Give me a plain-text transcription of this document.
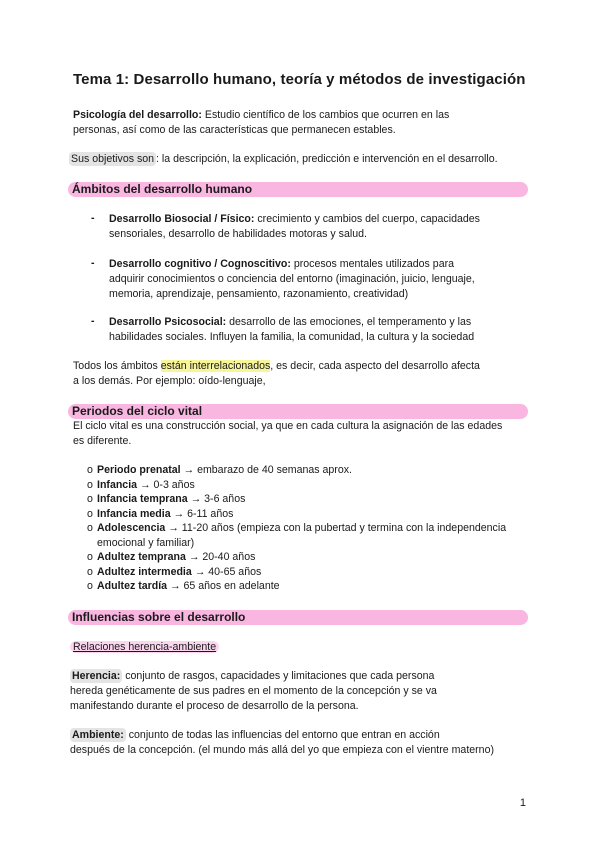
Tema 1: Desarrollo humano, teoría y métodos de investigación
Psicología del desarrollo: Estudio científico de los cambios que ocurren en las
personas, así como de las características que permanecen estables.
Sus objetivos son : la descripción, la explicación, predicción e intervención en el desarrollo.
Ámbitos del desarrollo humano
- Desarrollo Biosocial / Físico: crecimiento y cambios del cuerpo, capacidades
sensoriales, desarrollo de habilidades motoras y salud.
- Desarrollo cognitivo / Cognoscitivo: procesos mentales utilizados para
adquirir conocimientos o conciencia del entorno (imaginación, juicio, lenguaje,
memoria, aprendizaje, pensamiento, razonamiento, creatividad)
- Desarrollo Psicosocial: desarrollo de las emociones, el temperamento y las
habilidades sociales. Influyen la familia, la comunidad, la cultura y la sociedad
Todos los ámbitos están interrelacionados, es decir, cada aspecto del desarrollo afecta
a los demás. Por ejemplo: oído-lenguaje,
Periodos del ciclo vital
El ciclo vital es una construcción social, ya que en cada cultura la asignación de las edades
es diferente.
o Periodo prenatal → embarazo de 40 semanas aprox.
o Infancia → 0-3 años
o Infancia temprana → 3-6 años
o Infancia media → 6-11 años
o Adolescencia → 11-20 años (empieza con la pubertad y termina con la independencia
emocional y familiar)
o Adultez temprana → 20-40 años
o Adultez intermedia → 40-65 años
o Adultez tardía → 65 años en adelante
Influencias sobre el desarrollo
Relaciones herencia-ambiente
Herencia: conjunto de rasgos, capacidades y limitaciones que cada persona
hereda genéticamente de sus padres en el momento de la concepción y se va
manifestando durante el proceso de desarrollo de la persona.
Ambiente: conjunto de todas las influencias del entorno que entran en acción
después de la concepción. (el mundo más allá del yo que empieza con el vientre materno)
1
